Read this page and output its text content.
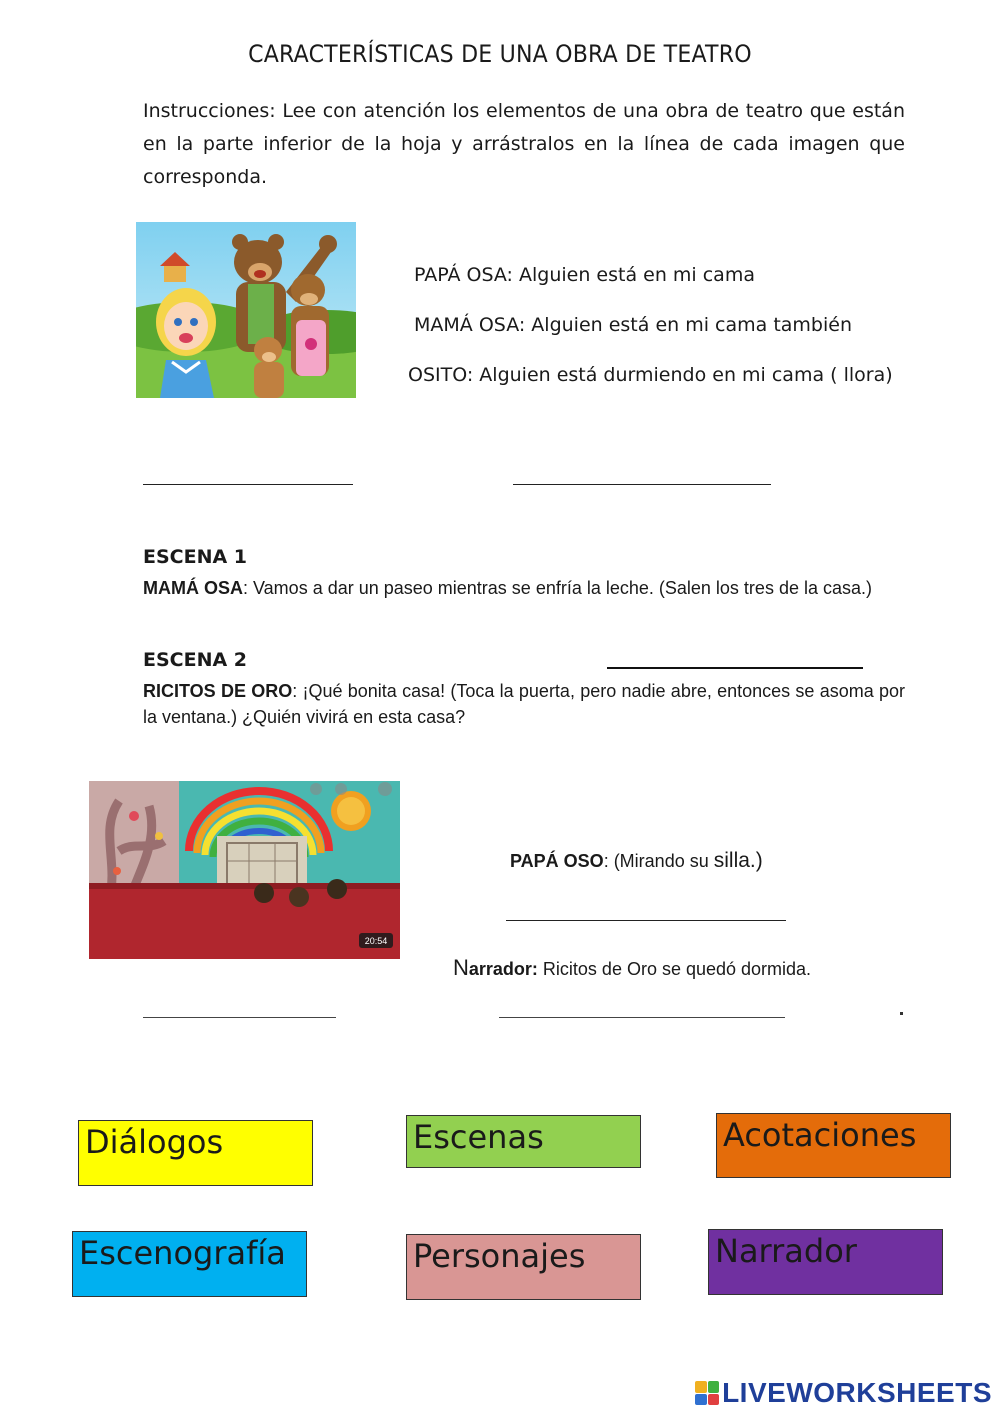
CARACTERÍSTICAS DE UNA OBRA DE TEATRO
Instrucciones: Lee con atención los elementos de una obra de teatro que están en la parte inferior de la hoja y arrástralos en la línea de cada imagen que corresponda.
PAPÁ OSA: Alguien está en mi cama
MAMÁ OSA: Alguien está en mi cama también
OSITO: Alguien está durmiendo en mi cama ( llora)
ESCENA 1
MAMÁ OSA: Vamos a dar un paseo mientras se enfría la leche. (Salen los tres de la casa.)
ESCENA 2
RICITOS DE ORO: ¡Qué bonita casa! (Toca la puerta, pero nadie abre, entonces se asoma por la ventana.) ¿Quién vivirá en esta casa?
20:54
PAPÁ OSO: (Mirando su silla.)
Narrador: Ricitos de Oro se quedó dormida.
Diálogos	Escenas	Acotaciones
Escenografía	Personajes	Narrador
LIVEWORKSHEETS
